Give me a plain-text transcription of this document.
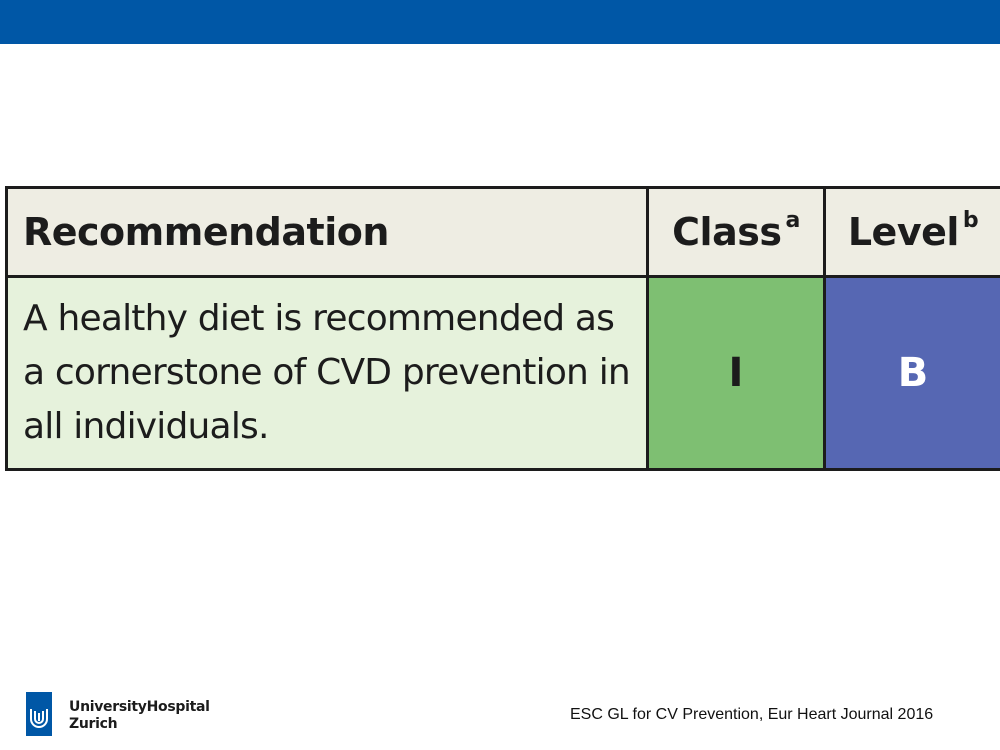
Recommendation	Class $^a$	Level $^b$
A healthy diet is recommended as a cornerstone of CVD prevention in all individuals.	I	B
UniversityHospital
Zurich
ESC GL for CV Prevention, Eur Heart Journal 2016
